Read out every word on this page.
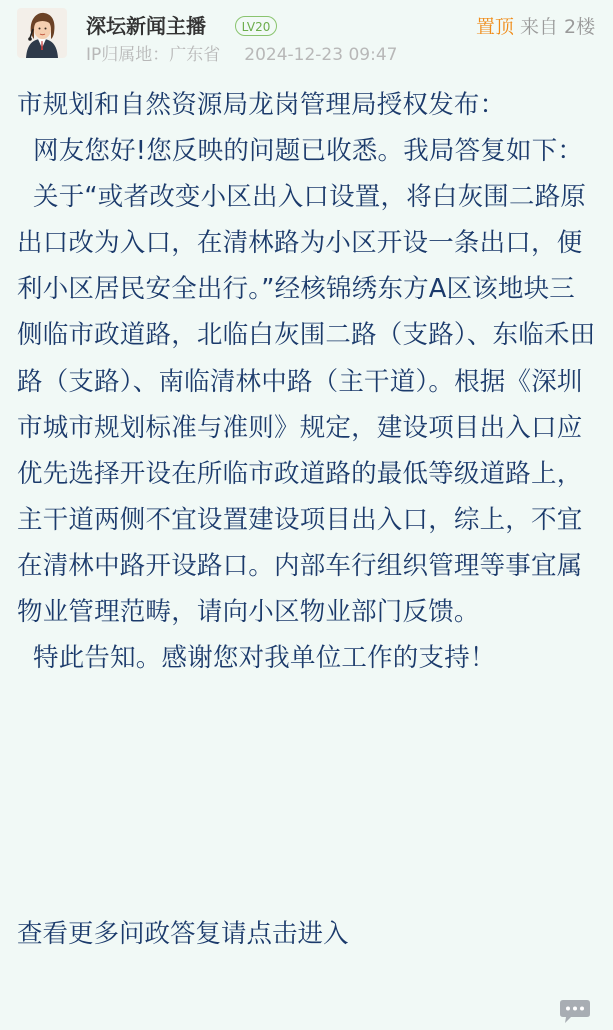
深坛新闻主播	LV20	置顶 来自 2楼
IP归属地：广东省 2024-12-23 09:47

市规划和自然资源局龙岗管理局授权发布：

网友您好!您反映的问题已收悉。我局答复如下：

关于“或者改变小区出入口设置，将白灰围二路原出口改为入口，在清林路为小区开设一条出口，便利小区居民安全出行。”经核锦绣东方A区该地块三侧临市政道路，北临白灰围二路（支路）、东临禾田路（支路）、南临清林中路（主干道）。根据《深圳市城市规划标准与准则》规定，建设项目出入口应优先选择开设在所临市政道路的最低等级道路上，主干道两侧不宜设置建设项目出入口，综上，不宜在清林中路开设路口。内部车行组织管理等事宜属物业管理范畴，请向小区物业部门反馈。

特此告知。感谢您对我单位工作的支持！

查看更多问政答复请点击进入
